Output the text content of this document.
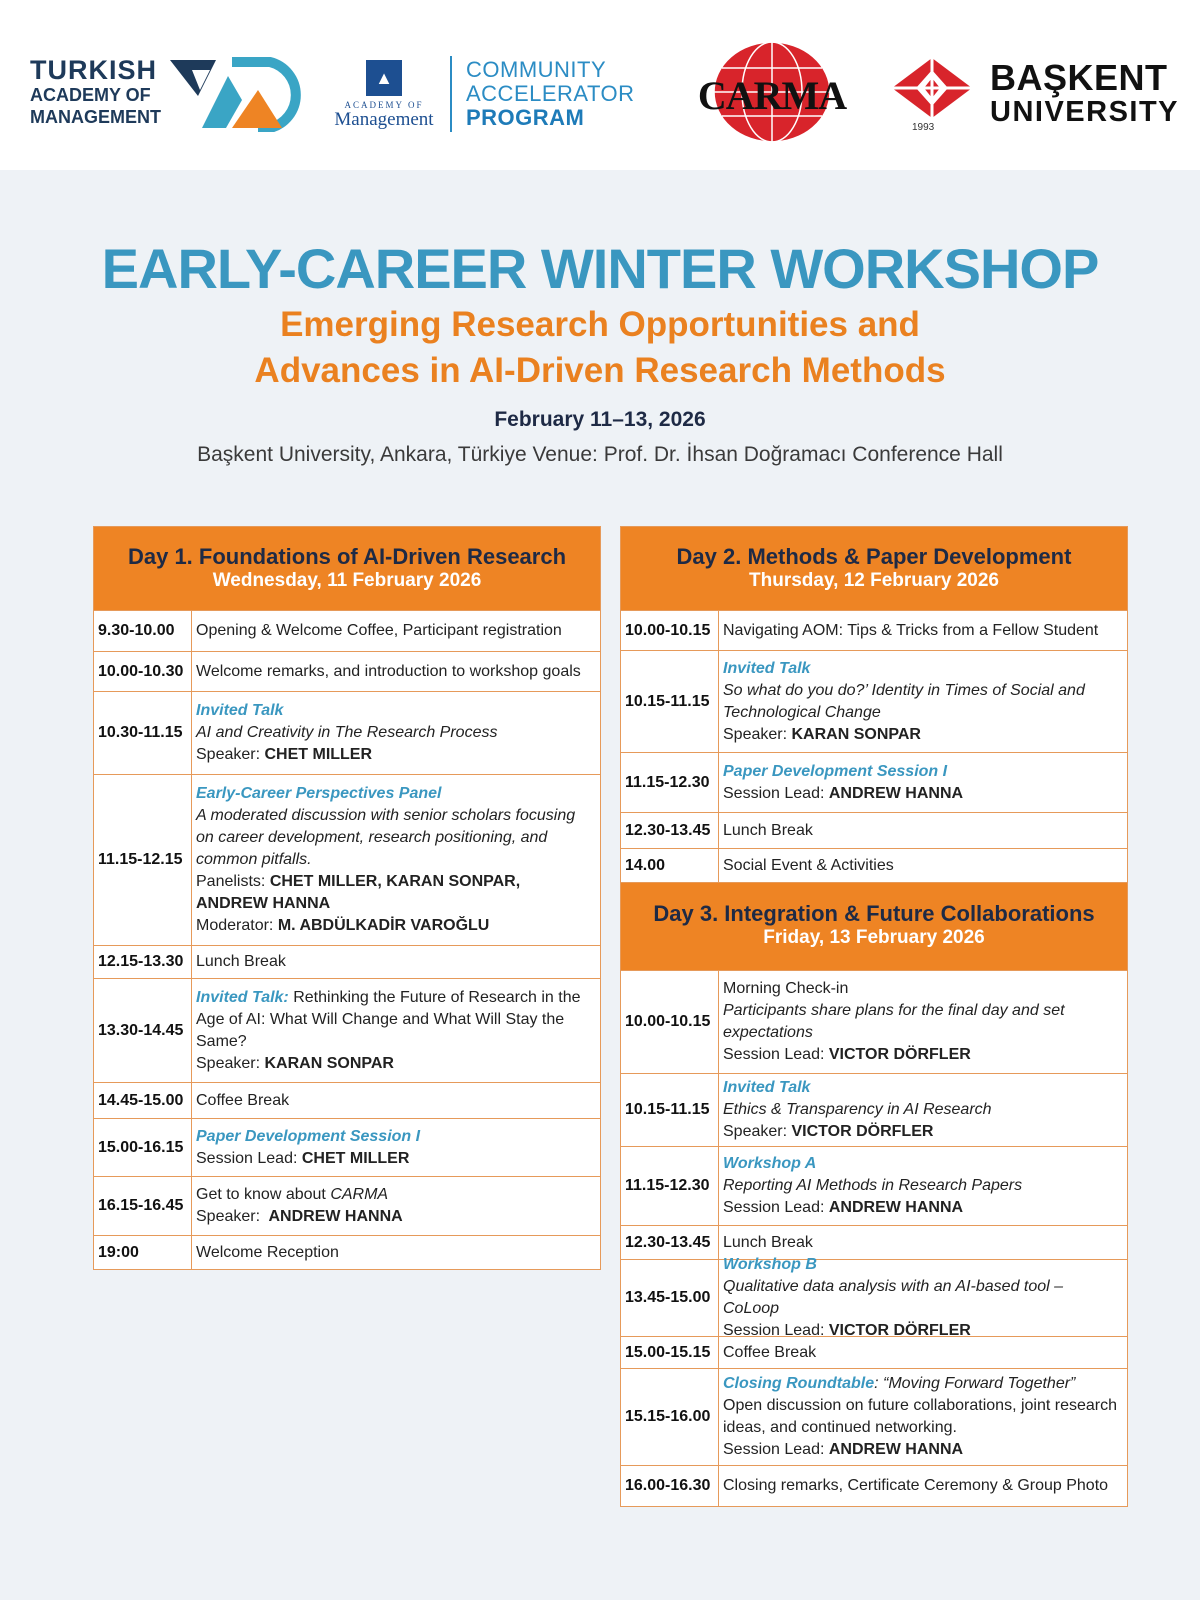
TURKISH
ACADEMY OF
MANAGEMENT
▲
ACADEMY OF
Management
COMMUNITY
ACCELERATOR
PROGRAM	CARMA
1993
BAŞKENT
UNIVERSITY
EARLY-CAREER WINTER WORKSHOP
Emerging Research Opportunities and
Advances in AI-Driven Research Methods
February 11–13, 2026
Başkent University, Ankara, Türkiye Venue: Prof. Dr. İhsan Doğramacı Conference Hall
Day 1. Foundations of AI-Driven Research
Wednesday, 11 February 2026
9.30-10.00	Opening & Welcome Coffee, Participant registration
10.00-10.30 Welcome remarks, and introduction to workshop goals
10.30-11.15
Invited Talk
AI and Creativity in The Research Process
Speaker: CHET MILLER
11.15-12.15
Early-Career Perspectives Panel
A moderated discussion with senior scholars focusing on career development, research positioning, and common pitfalls.
Panelists: CHET MILLER, KARAN SONPAR, ANDREW HANNA
Moderator: M. ABDÜLKADİR VAROĞLU
12.15-13.30 Lunch Break
13.30-14.45
Invited Talk: Rethinking the Future of Research in the Age of AI: What Will Change and What Will Stay the Same?
Speaker: KARAN SONPAR
14.45-15.00 Coffee Break
15.00-16.15
Paper Development Session I
Session Lead: CHET MILLER
16.15-16.45
Get to know about CARMA
Speaker: ANDREW HANNA
19:00	Welcome Reception
Day 2. Methods & Paper Development
Thursday, 12 February 2026
10.00-10.15 Navigating AOM: Tips & Tricks from a Fellow Student
10.15-11.15
Invited Talk
So what do you do?’ Identity in Times of Social and Technological Change
Speaker: KARAN SONPAR
11.15-12.30
Paper Development Session I
Session Lead: ANDREW HANNA
12.30-13.45 Lunch Break
14.00	Social Event & Activities
Day 3. Integration & Future Collaborations
Friday, 13 February 2026
10.00-10.15
Morning Check-in
Participants share plans for the final day and set expectations
Session Lead: VICTOR DÖRFLER
10.15-11.15
Invited Talk
Ethics & Transparency in AI Research
Speaker: VICTOR DÖRFLER
11.15-12.30
Workshop A
Reporting AI Methods in Research Papers
Session Lead: ANDREW HANNA
12.30-13.45 Lunch Break
13.45-15.00
Workshop B
Qualitative data analysis with an AI-based tool – CoLoop
Session Lead: VICTOR DÖRFLER
15.00-15.15 Coffee Break
15.15-16.00
Closing Roundtable: “Moving Forward Together”
Open discussion on future collaborations, joint research ideas, and continued networking.
Session Lead: ANDREW HANNA
16.00-16.30 Closing remarks, Certificate Ceremony & Group Photo
